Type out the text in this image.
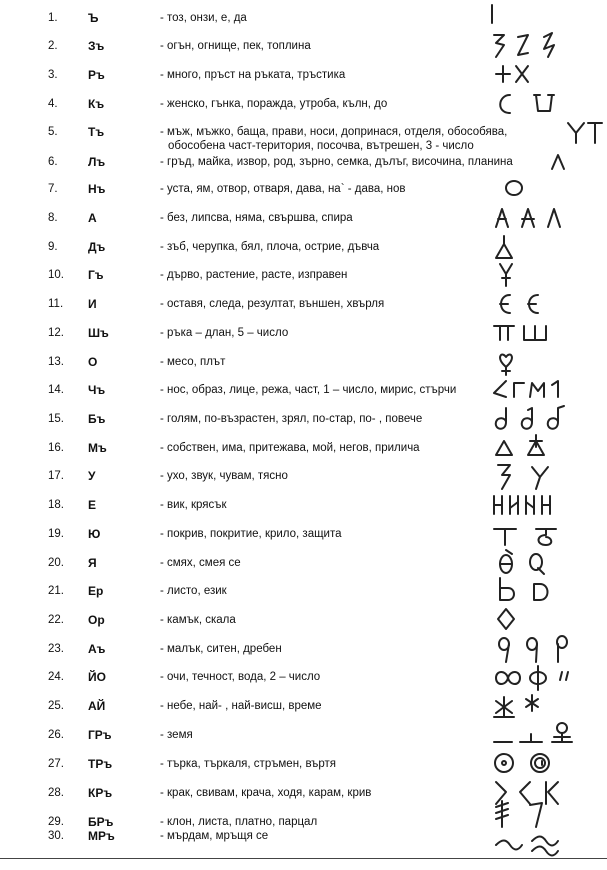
1.	Ъ	- тоз, онзи, е, да
2.	Зъ	- огън, огнище, пек, топлина
3.	Ръ	- много, пръст на ръката, тръстика
4.	Къ	- женско, гънка, поражда, утроба, кълн, до
5.	Тъ	- мъж, мъжко, баща, прави, носи, допринася, отделя, обособява,
обособена част-територия, посочва, вътрешен, 3 - число
6.	Лъ	- гръд, майка, извор, род, зърно, семка, дълъг, височина, планина
7.	Нъ	- уста, ям, отвор, отваря, дава, на` - дава, нов
8.	А	- без, липсва, няма, свършва, спира
9.	Дъ	- зъб, черупка, бял, плоча, острие, дъвча
10.	Гъ	- дърво, растение, расте, изправен
11.	И	- оставя, следа, резултат, външен, хвърля
12.	Шъ	- ръка – длан, 5 – число
13.	О	- месо, плът
14.	Чъ	- нос, образ, лице, режа, част, 1 – число, мирис, стърчи
15.	Бъ	- голям, по-възрастен, зрял, по-стар, по- , повече
16.	Мъ	- собствен, има, притежава, мой, негов, прилича
17.	У	- ухо, звук, чувам, тясно
18.	Е	- вик, крясък
19.	Ю	- покрив, покритие, крило, защита
20.	Я	- смях, смея се
21.	Ер	- листо, език
22.	Ор	- камък, скала
23.	Аъ	- малък, ситен, дребен
24.	ЙО	- очи, течност, вода, 2 – число
25.	АЙ	- небе, най- , най-висш, време
26.	ГРъ	- земя
27.	ТРъ	- търка, търкаля, стръмен, въртя
28.	КРъ	- крак, свивам, крача, ходя, карам, крив
29.	БРъ	- клон, листа, платно, парцал
30.	МРъ	- мърдам, мръщя се
